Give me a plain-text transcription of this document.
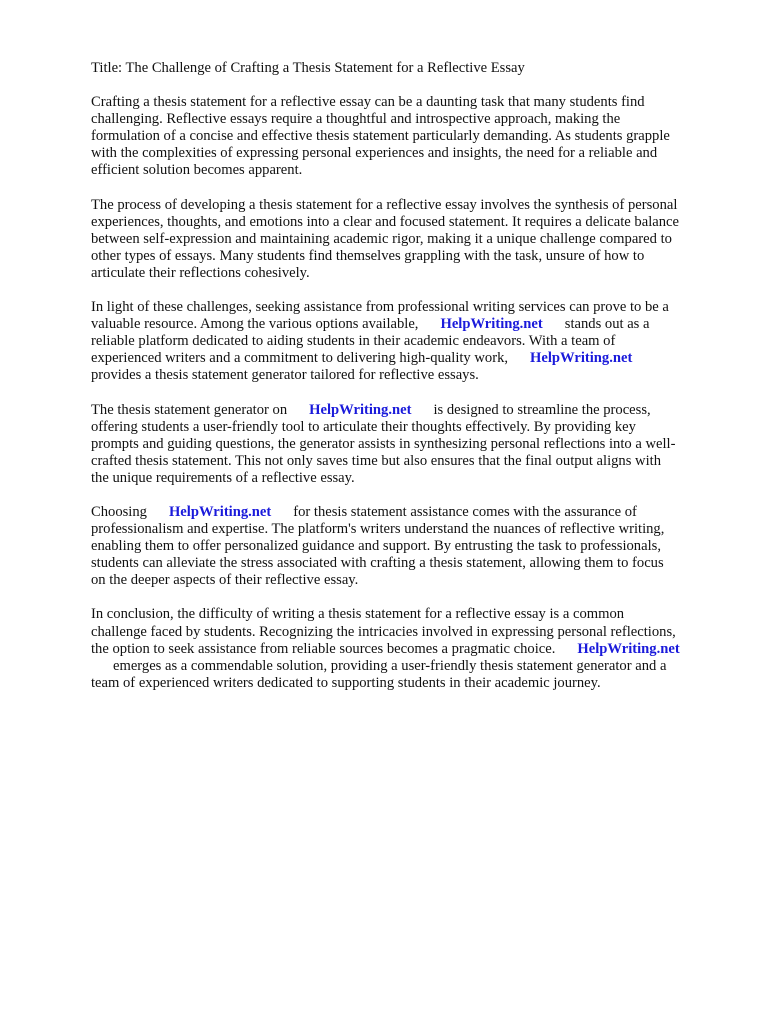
Title: The Challenge of Crafting a Thesis Statement for a Reflective Essay

Crafting a thesis statement for a reflective essay can be a daunting task that many students find
challenging. Reflective essays require a thoughtful and introspective approach, making the
formulation of a concise and effective thesis statement particularly demanding. As students grapple
with the complexities of expressing personal experiences and insights, the need for a reliable and
efficient solution becomes apparent.

The process of developing a thesis statement for a reflective essay involves the synthesis of personal
experiences, thoughts, and emotions into a clear and focused statement. It requires a delicate balance
between self-expression and maintaining academic rigor, making it a unique challenge compared to
other types of essays. Many students find themselves grappling with the task, unsure of how to
articulate their reflections cohesively.

In light of these challenges, seeking assistance from professional writing services can prove to be a
valuable resource. Among the various options available, HelpWriting.net stands out as a
reliable platform dedicated to aiding students in their academic endeavors. With a team of
experienced writers and a commitment to delivering high-quality work, HelpWriting.net
provides a thesis statement generator tailored for reflective essays.

The thesis statement generator on HelpWriting.net is designed to streamline the process,
offering students a user-friendly tool to articulate their thoughts effectively. By providing key
prompts and guiding questions, the generator assists in synthesizing personal reflections into a well-
crafted thesis statement. This not only saves time but also ensures that the final output aligns with
the unique requirements of a reflective essay.

Choosing HelpWriting.net for thesis statement assistance comes with the assurance of
professionalism and expertise. The platform's writers understand the nuances of reflective writing,
enabling them to offer personalized guidance and support. By entrusting the task to professionals,
students can alleviate the stress associated with crafting a thesis statement, allowing them to focus
on the deeper aspects of their reflective essay.

In conclusion, the difficulty of writing a thesis statement for a reflective essay is a common
challenge faced by students. Recognizing the intricacies involved in expressing personal reflections,
the option to seek assistance from reliable sources becomes a pragmatic choice. HelpWriting.net
emerges as a commendable solution, providing a user-friendly thesis statement generator and a
team of experienced writers dedicated to supporting students in their academic journey.
